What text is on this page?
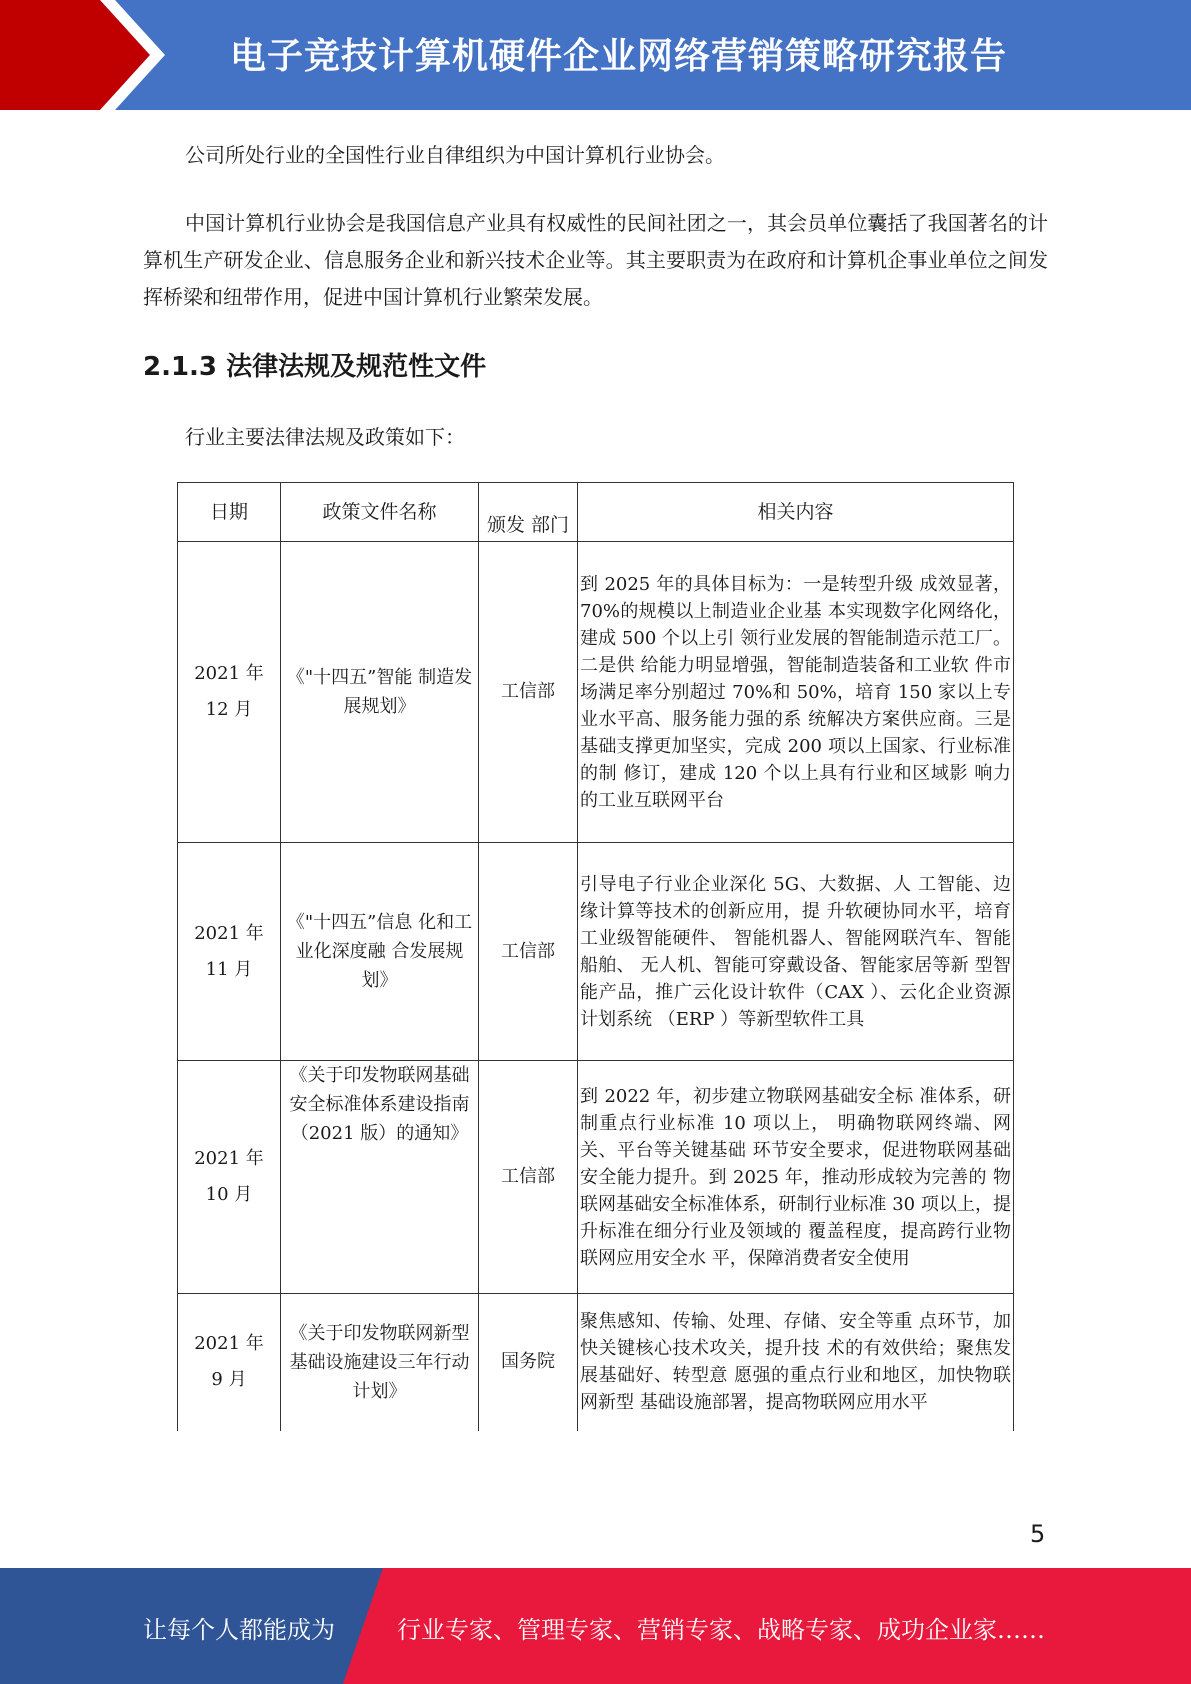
电子竞技计算机硬件企业网络营销策略研究报告

公司所处行业的全国性行业自律组织为中国计算机行业协会。

中国计算机行业协会是我国信息产业具有权威性的民间社团之一，其会员单位囊括了我国著名的计算机生产研发企业、信息服务企业和新兴技术企业等。其主要职责为在政府和计算机企事业单位之间发挥桥梁和纽带作用，促进中国计算机行业繁荣发展。

2.1.3 法律法规及规范性文件

行业主要法律法规及政策如下：

日期	政策文件名称	颁发 部门	相关内容

2021 年
12 月	《"十四五”智能 制造发展规划》	工信部	到 2025 年的具体目标为：一是转型升级 成效显著，70%的规模以上制造业企业基 本实现数字化网络化，建成 500 个以上引 领行业发展的智能制造示范工厂。二是供 给能力明显增强，智能制造装备和工业软 件市场满足率分别超过 70%和 50%，培育 150 家以上专业水平高、服务能力强的系 统解决方案供应商。三是基础支撑更加坚实，完成 200 项以上国家、行业标准的制 修订，建成 120 个以上具有行业和区域影 响力的工业互联网平台

2021 年
11 月	《"十四五”信息 化和工业化深度融 合发展规划》	工信部	引导电子行业企业深化 5G、大数据、人 工智能、边缘计算等技术的创新应用，提 升软硬协同水平，培育工业级智能硬件、 智能机器人、智能网联汽车、智能船舶、 无人机、智能可穿戴设备、智能家居等新 型智能产品，推广云化设计软件（CAX ）、云化企业资源计划系统 （ERP ）等新型软件工具

2021 年
10 月	《关于印发物联网基础安全标准体系建设指南（2021 版）的通知》	工信部	到 2022 年，初步建立物联网基础安全标 准体系，研制重点行业标准 10 项以上， 明确物联网终端、网关、平台等关键基础 环节安全要求，促进物联网基础安全能力提升。到 2025 年，推动形成较为完善的 物联网基础安全标准体系，研制行业标准 30 项以上，提升标准在细分行业及领域的 覆盖程度，提高跨行业物联网应用安全水 平，保障消费者安全使用

2021 年
9 月	《关于印发物联网新型基础设施建设三年行动计划》	国务院	聚焦感知、传输、处理、存储、安全等重 点环节，加快关键核心技术攻关，提升技 术的有效供给；聚焦发展基础好、转型意 愿强的重点行业和地区，加快物联网新型 基础设施部署，提高物联网应用水平
5
让每个人都能成为	行业专家、管理专家、营销专家、战略专家、成功企业家……
